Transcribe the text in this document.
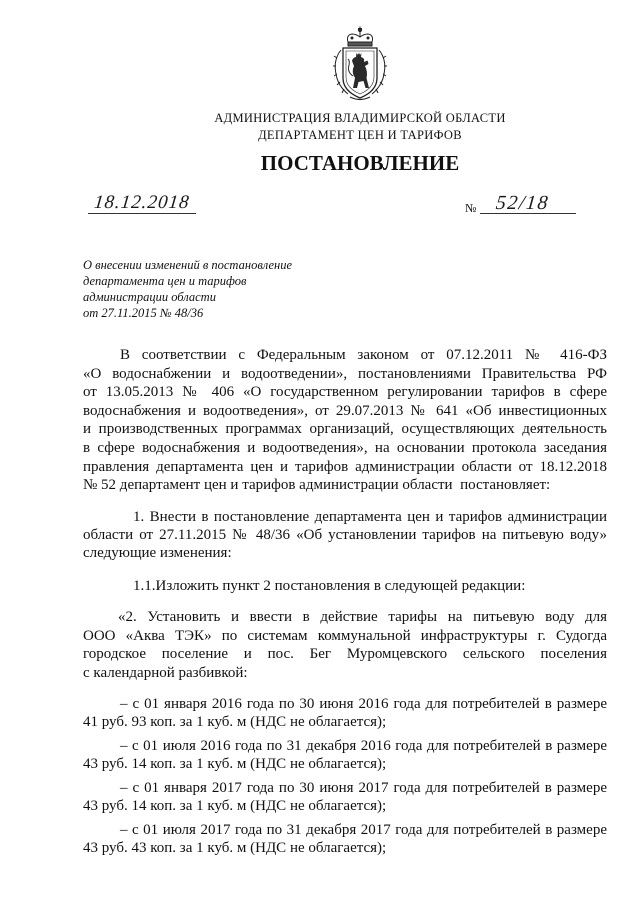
АДМИНИСТРАЦИЯ ВЛАДИМИРСКОЙ ОБЛАСТИ
ДЕПАРТАМЕНТ ЦЕН И ТАРИФОВ
ПОСТАНОВЛЕНИЕ
18.12.2018	№ 52/18
О внесении изменений в постановление
департамента цен и тарифов
администрации области
от 27.11.2015 № 48/36
В соответствии с Федеральным законом от 07.12.2011 № 416-ФЗ
«О водоснабжении и водоотведении», постановлениями Правительства РФ
от 13.05.2013 № 406 «О государственном регулировании тарифов в сфере
водоснабжения и водоотведения», от 29.07.2013 № 641 «Об инвестиционных
и производственных программах организаций, осуществляющих деятельность
в сфере водоснабжения и водоотведения», на основании протокола заседания
правления департамента цен и тарифов администрации области от 18.12.2018
№ 52 департамент цен и тарифов администрации области  постановляет:
1. Внести в постановление департамента цен и тарифов администрации
области от 27.11.2015 № 48/36 «Об установлении тарифов на питьевую воду»
следующие изменения:
1.1.Изложить пункт 2 постановления в следующей редакции:
«2. Установить и ввести в действие тарифы на питьевую воду для
ООО «Аква ТЭК» по системам коммунальной инфраструктуры г. Судогда
городское поселение и пос. Бег Муромцевского сельского поселения
с календарной разбивкой:
– с 01 января 2016 года по 30 июня 2016 года для потребителей в размере
41 руб. 93 коп. за 1 куб. м (НДС не облагается);
– с 01 июля 2016 года по 31 декабря 2016 года для потребителей в размере
43 руб. 14 коп. за 1 куб. м (НДС не облагается);
– с 01 января 2017 года по 30 июня 2017 года для потребителей в размере
43 руб. 14 коп. за 1 куб. м (НДС не облагается);
– с 01 июля 2017 года по 31 декабря 2017 года для потребителей в размере
43 руб. 43 коп. за 1 куб. м (НДС не облагается);
